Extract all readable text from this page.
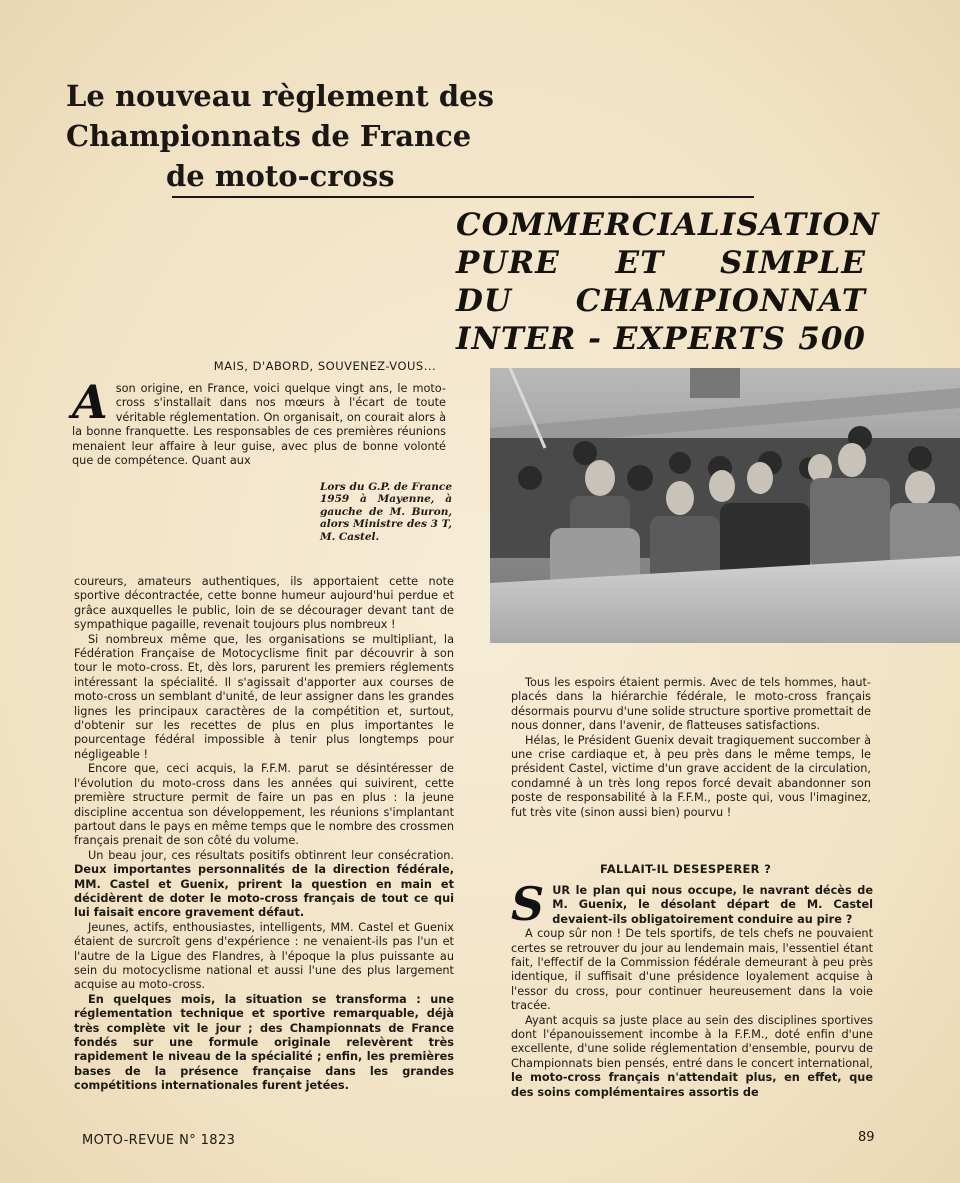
Le nouveau règlement des
Championnats de France
de moto-cross
COMMERCIALISATION
PURE ET SIMPLE
DU CHAMPIONNAT
INTER - EXPERTS 500
MAIS, D'ABORD, SOUVENEZ-VOUS...
Ason origine, en France, voici quelque vingt ans, le moto-cross s'installait dans nos mœurs à l'écart de toute véritable réglementation. On organisait, on courait alors à la bonne franquette. Les responsables de ces premières réunions menaient leur affaire à leur guise, avec plus de bonne volonté que de compétence. Quant aux
Lors du G.P. de France 1959 à Mayenne, à gauche de M. Buron, alors Ministre des 3 T, M. Castel.

coureurs, amateurs authentiques, ils apportaient cette note sportive décontractée, cette bonne humeur aujourd'hui perdue et grâce auxquelles le public, loin de se décourager devant tant de sympathique pagaille, revenait toujours plus nombreux !

Si nombreux même que, les organisations se multipliant, la Fédération Française de Motocyclisme finit par découvrir à son tour le moto-cross. Et, dès lors, parurent les premiers réglements intéressant la spécialité. Il s'agissait d'apporter aux courses de moto-cross un semblant d'unité, de leur assigner dans les grandes lignes les principaux caractères de la compétition et, surtout, d'obtenir sur les recettes de plus en plus importantes le pourcentage fédéral impossible à tenir plus longtemps pour négligeable !

Encore que, ceci acquis, la F.F.M. parut se désintéresser de l'évolution du moto-cross dans les années qui suivirent, cette première structure permit de faire un pas en plus : la jeune discipline accentua son développement, les réunions s'implantant partout dans le pays en même temps que le nombre des crossmen français prenait de son côté du volume.

Un beau jour, ces résultats positifs obtinrent leur consécration. Deux importantes personnalités de la direction fédérale, MM. Castel et Guenix, prirent la question en main et décidèrent de doter le moto-cross français de tout ce qui lui faisait encore gravement défaut.

Jeunes, actifs, enthousiastes, intelligents, MM. Castel et Guenix étaient de surcroît gens d'expérience : ne venaient-ils pas l'un et l'autre de la Ligue des Flandres, à l'époque la plus puissante au sein du motocyclisme national et aussi l'une des plus largement acquise au moto-cross.

En quelques mois, la situation se transforma : une réglementation technique et sportive remarquable, déjà très complète vit le jour ; des Championnats de France fondés sur une formule originale relevèrent très rapidement le niveau de la spécialité ; enfin, les premières bases de la présence française dans les grandes compétitions internationales furent jetées.

Tous les espoirs étaient permis. Avec de tels hommes, haut-placés dans la hiérarchie fédérale, le moto-cross français désormais pourvu d'une solide structure sportive promettait de nous donner, dans l'avenir, de flatteuses satisfactions.

Hélas, le Président Guenix devait tragiquement succomber à une crise cardiaque et, à peu près dans le même temps, le président Castel, victime d'un grave accident de la circulation, condamné à un très long repos forcé devait abandonner son poste de responsabilité à la F.F.M., poste qui, vous l'imaginez, fut très vite (sinon aussi bien) pourvu !

FALLAIT-IL DESESPERER ?

SUR le plan qui nous occupe, le navrant décès de M. Guenix, le désolant départ de M. Castel devaient-ils obligatoirement conduire au pire ?

A coup sûr non ! De tels sportifs, de tels chefs ne pouvaient certes se retrouver du jour au lendemain mais, l'essentiel étant fait, l'effectif de la Commission fédérale demeurant à peu près identique, il suffisait d'une présidence loyalement acquise à l'essor du cross, pour continuer heureusement dans la voie tracée.

Ayant acquis sa juste place au sein des disciplines sportives dont l'épanouissement incombe à la F.F.M., doté enfin d'une excellente, d'une solide réglementation d'ensemble, pourvu de Championnats bien pensés, entré dans le concert international, le moto-cross français n'attendait plus, en effet, que des soins complémentaires assortis de

MOTO-REVUE N° 1823	89
